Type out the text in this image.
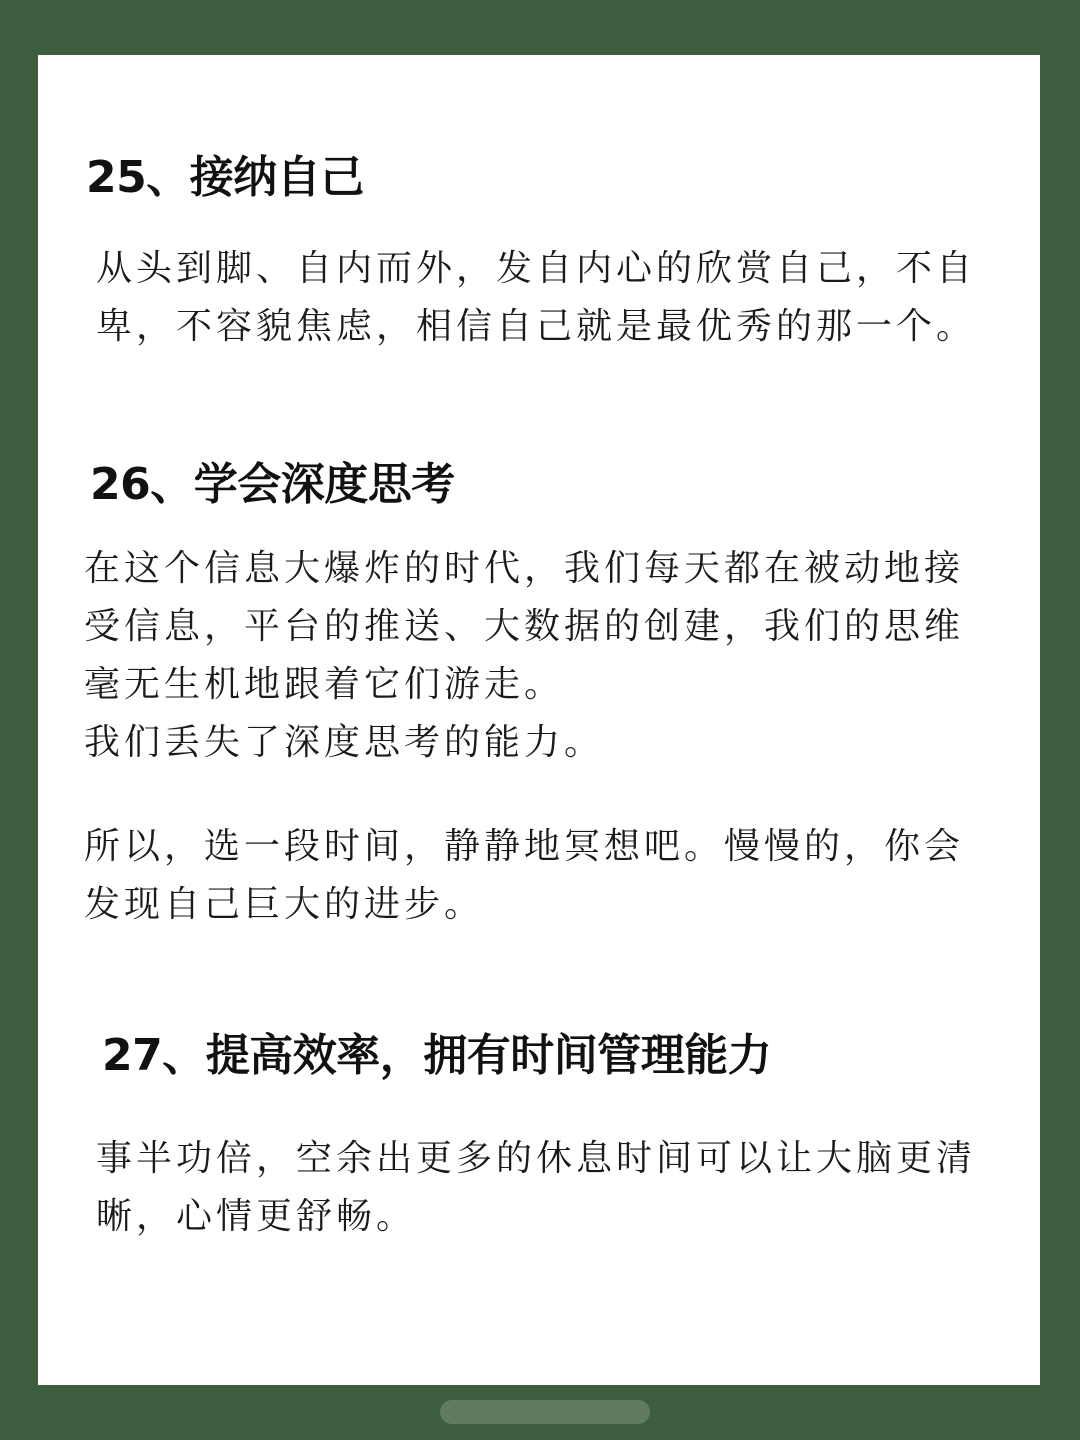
25、接纳自己
从头到脚、自内而外，发自内心的欣赏自己，不自
卑，不容貌焦虑，相信自己就是最优秀的那一个。
26、学会深度思考
在这个信息大爆炸的时代，我们每天都在被动地接
受信息，平台的推送、大数据的创建，我们的思维
毫无生机地跟着它们游走。
我们丢失了深度思考的能力。
所以，选一段时间，静静地冥想吧。慢慢的，你会
发现自己巨大的进步。
27、提高效率，拥有时间管理能力
事半功倍，空余出更多的休息时间可以让大脑更清
晰，心情更舒畅。
